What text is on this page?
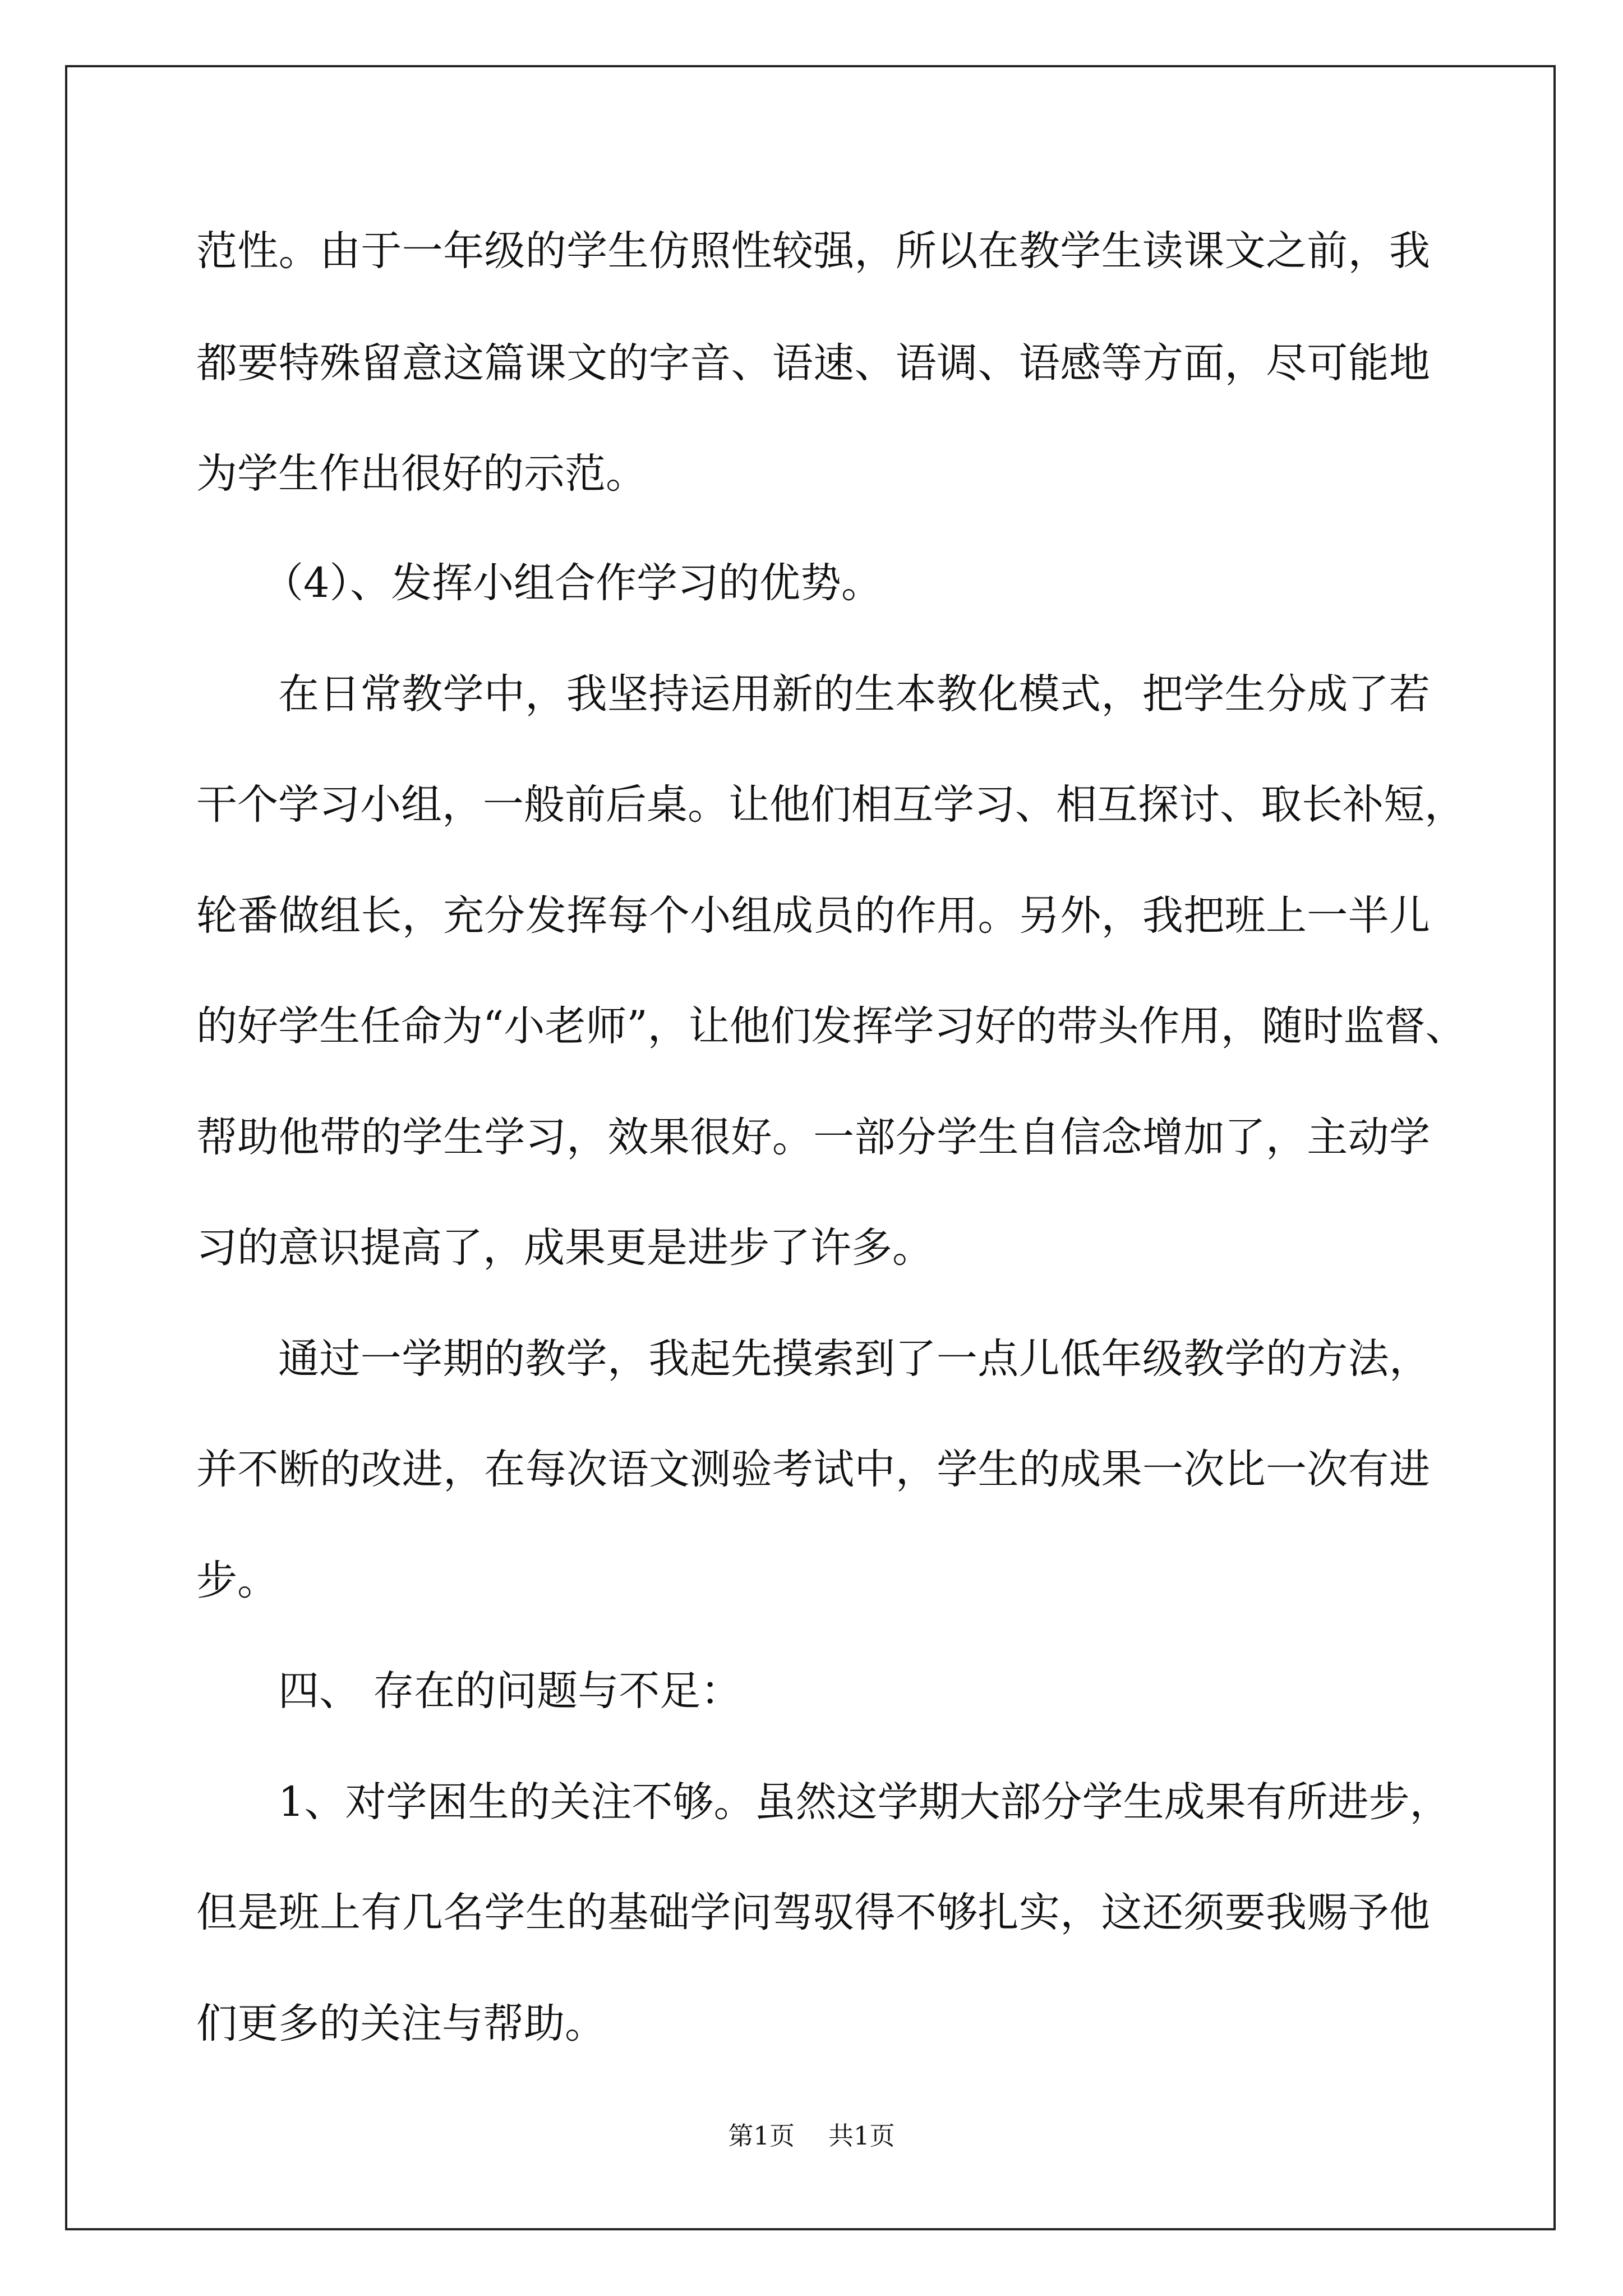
范性。由于一年级的学生仿照性较强，所以在教学生读课文之前，我
都要特殊留意这篇课文的字音、语速、语调、语感等方面，尽可能地
为学生作出很好的示范。
（4）、发挥小组合作学习的优势。
在日常教学中，我坚持运用新的生本教化模式，把学生分成了若
干个学习小组，一般前后桌。让他们相互学习、相互探讨、取长补短，
轮番做组长，充分发挥每个小组成员的作用。另外，我把班上一半儿
的好学生任命为“小老师”，让他们发挥学习好的带头作用，随时监督、
帮助他带的学生学习，效果很好。一部分学生自信念增加了，主动学
习的意识提高了，成果更是进步了许多。
通过一学期的教学，我起先摸索到了一点儿低年级教学的方法，
并不断的改进，在每次语文测验考试中，学生的成果一次比一次有进
步。
四、 存在的问题与不足：
1、对学困生的关注不够。虽然这学期大部分学生成果有所进步，
但是班上有几名学生的基础学问驾驭得不够扎实，这还须要我赐予他
们更多的关注与帮助。
第1页 共1页
